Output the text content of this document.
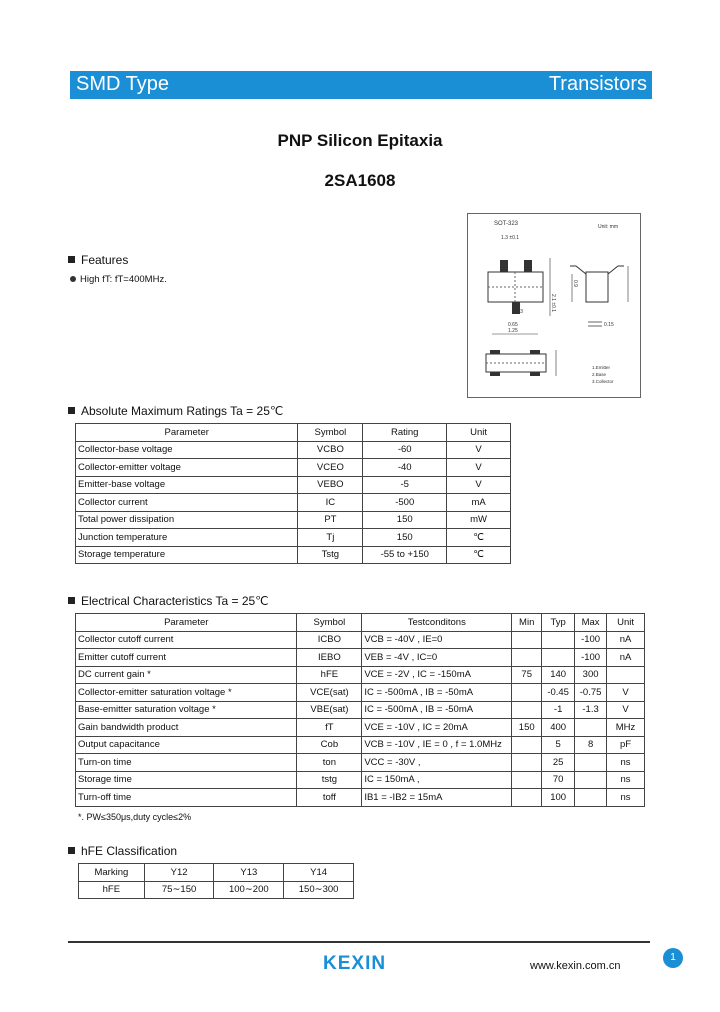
SMD Type	Transistors
PNP Silicon Epitaxia
2SA1608
Features
High fT: fT=400MHz.
SOT-323	Unit: mm
1.3 ±0.1
2.1 ±0.1
0.3
0.65
1.25
0.9
0.15
1.Emitter
2.Base
3.Collector
Absolute Maximum Ratings Ta = 25℃
Parameter	Symbol	Rating	Unit
Collector-base voltage	VCBO	-60	V
Collector-emitter voltage	VCEO	-40	V
Emitter-base voltage	VEBO	-5	V
Collector current	IC	-500	mA
Total power dissipation	PT	150	mW
Junction temperature	Tj	150	℃
Storage temperature	Tstg	-55 to +150	℃
Electrical Characteristics Ta = 25℃
Parameter	Symbol	Testconditons	Min	Typ	Max	Unit
Collector cutoff current	ICBO	VCB = -40V , IE=0			-100	nA
Emitter cutoff current	IEBO	VEB = -4V , IC=0			-100	nA
DC current gain *	hFE	VCE = -2V , IC = -150mA	75	140	300	
Collector-emitter saturation voltage *	VCE(sat)	IC = -500mA , IB = -50mA		-0.45	-0.75	V
Base-emitter saturation voltage *	VBE(sat)	IC = -500mA , IB = -50mA		-1	-1.3	V
Gain bandwidth product	fT	VCE = -10V , IC = 20mA	150	400		MHz
Output capacitance	Cob	VCB = -10V , IE = 0 , f = 1.0MHz		5	8	pF
Turn-on time	ton	VCC = -30V ,		25		ns
Storage time	tstg	IC = 150mA ,		70		ns
Turn-off time	toff	IB1 = -IB2 = 15mA		100		ns
*. PW≤350μs,duty cycle≤2%
hFE Classification
Marking	Y12	Y13	Y14
hFE	75∼150	100∼200	150∼300
KEXIN	www.kexin.com.cn
1
